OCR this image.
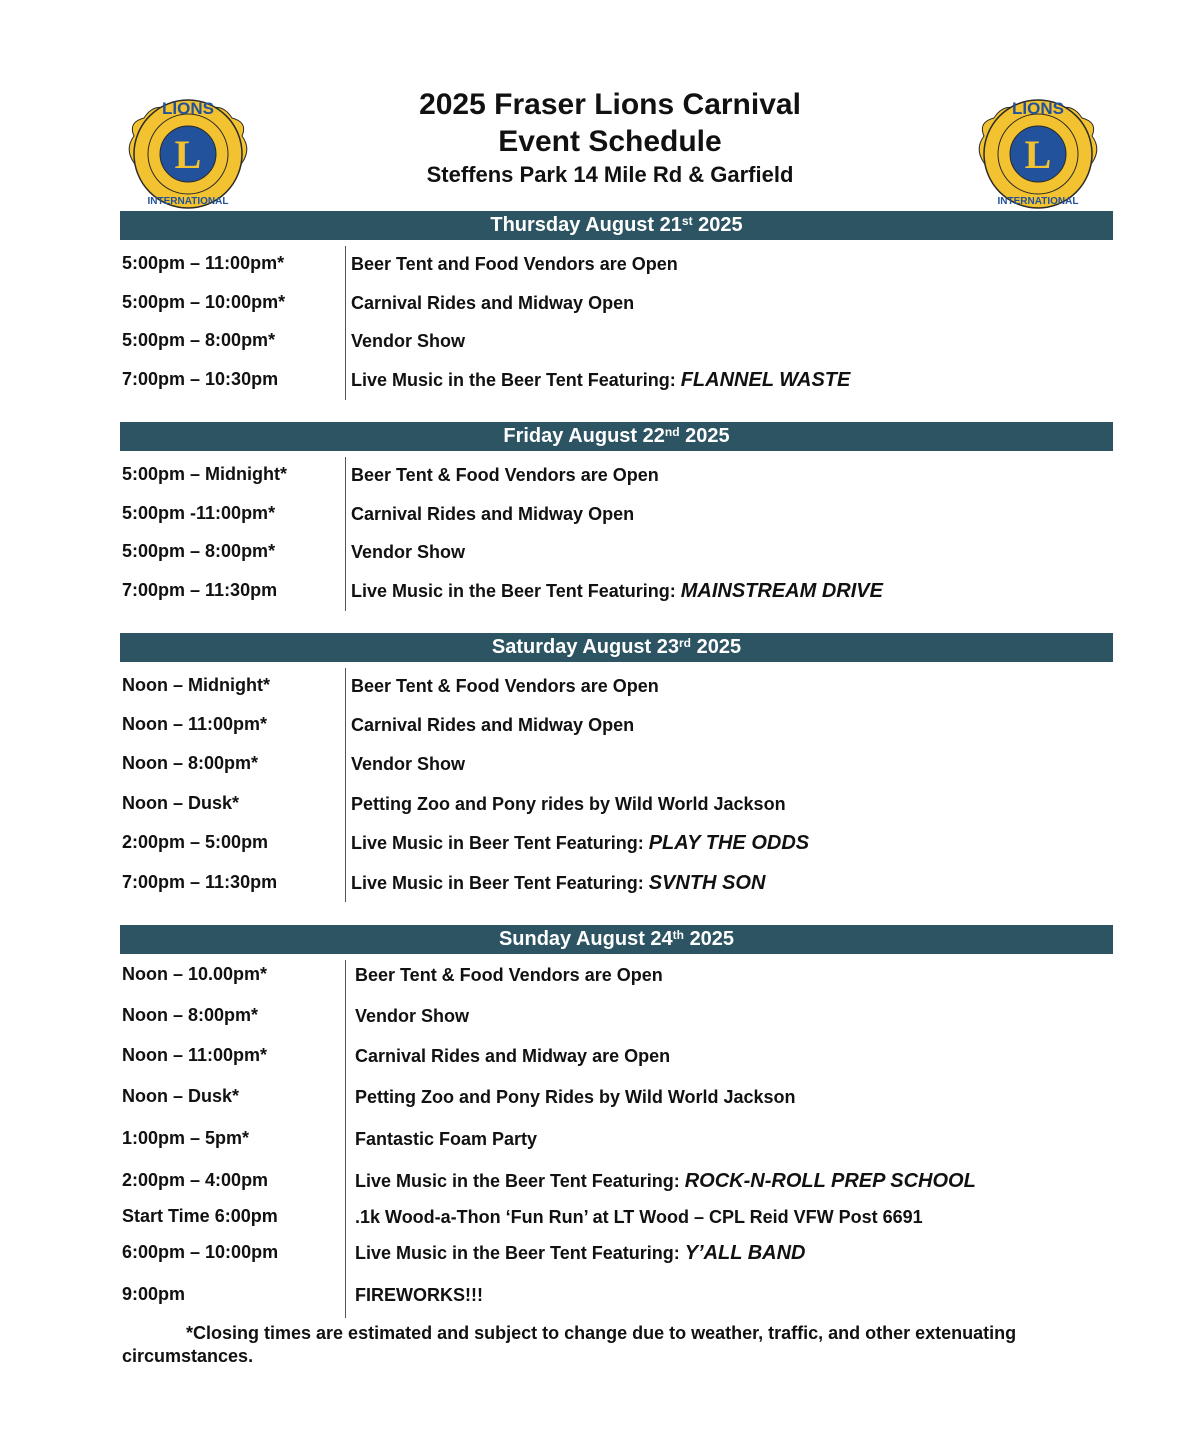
L
LIONS
INTERNATIONAL
L
LIONS
INTERNATIONAL
2025 Fraser Lions Carnival
Event Schedule
Steffens Park 14 Mile Rd & Garfield
Thursday August 21st 2025
Friday August 22nd 2025
Saturday August 23rd 2025
Sunday August 24th 2025
5:00pm – 11:00pm*	Beer Tent and Food Vendors are Open
5:00pm – 10:00pm*	Carnival Rides and Midway Open
5:00pm – 8:00pm*	Vendor Show
7:00pm – 10:30pm	Live Music in the Beer Tent Featuring: FLANNEL WASTE
5:00pm – Midnight*	Beer Tent & Food Vendors are Open
5:00pm -11:00pm*	Carnival Rides and Midway Open
5:00pm – 8:00pm*	Vendor Show
7:00pm – 11:30pm	Live Music in the Beer Tent Featuring: MAINSTREAM DRIVE
Noon – Midnight*	Beer Tent & Food Vendors are Open
Noon – 11:00pm*	Carnival Rides and Midway Open
Noon – 8:00pm*	Vendor Show
Noon – Dusk*	Petting Zoo and Pony rides by Wild World Jackson
2:00pm – 5:00pm	Live Music in Beer Tent Featuring: PLAY THE ODDS
7:00pm – 11:30pm	Live Music in Beer Tent Featuring: SVNTH SON
Noon – 10.00pm*	Beer Tent & Food Vendors are Open
Noon – 8:00pm*	Vendor Show
Noon – 11:00pm*	Carnival Rides and Midway are Open
Noon – Dusk*	Petting Zoo and Pony Rides by Wild World Jackson
1:00pm – 5pm*	Fantastic Foam Party
2:00pm – 4:00pm	Live Music in the Beer Tent Featuring: ROCK-N-ROLL PREP SCHOOL
Start Time 6:00pm	.1k Wood-a-Thon ‘Fun Run’ at LT Wood – CPL Reid VFW Post 6691
6:00pm – 10:00pm	Live Music in the Beer Tent Featuring: Y’ALL BAND
9:00pm	FIREWORKS!!!
*Closing times are estimated and subject to change due to weather, traffic, and other extenuating circumstances.
